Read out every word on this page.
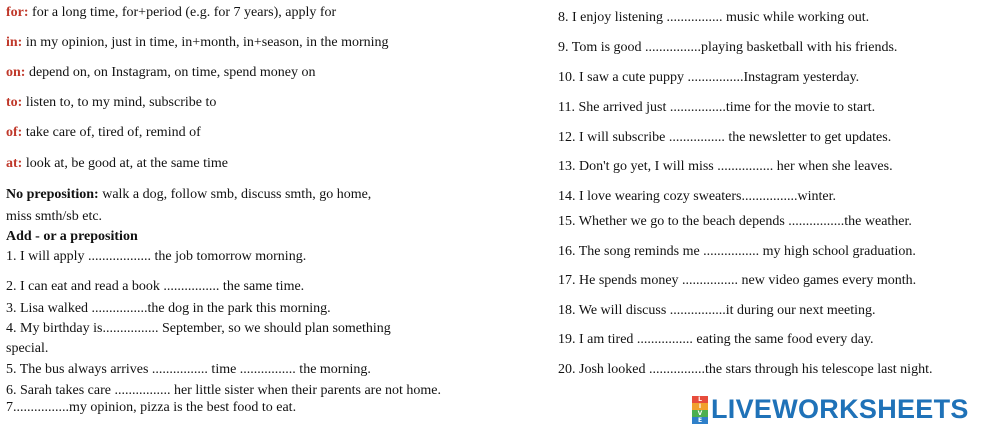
for: for a long time, for+period (e.g. for 7 years), apply for
in: in my opinion, just in time, in+month, in+season, in the morning
on: depend on, on Instagram, on time, spend money on
to: listen to, to my mind, subscribe to
of: take care of, tired of, remind of
at: look at, be good at, at the same time
No preposition: walk a dog, follow smb, discuss smth, go home,
miss smth/sb etc.
Add - or a preposition
1. I will apply .................. the job tomorrow morning.
2. I can eat and read a book ................ the same time.
3. Lisa walked ................the dog in the park this morning.
4. My birthday is................ September, so we should plan something
special.
5. The bus always arrives ................ time ................ the morning.
6. Sarah takes care ................ her little sister when their parents are not home.
7................my opinion, pizza is the best food to eat.
8. I enjoy listening ................ music while working out.
9. Tom is good ................playing basketball with his friends.
10. I saw a cute puppy ................Instagram yesterday.
11. She arrived just ................time for the movie to start.
12. I will subscribe ................ the newsletter to get updates.
13. Don't go yet, I will miss ................ her when she leaves.
14. I love wearing cozy sweaters................winter.
15. Whether we go to the beach depends ................the weather.
16. The song reminds me ................ my high school graduation.
17. He spends money ................ new video games every month.
18. We will discuss ................it during our next meeting.
19. I am tired ................ eating the same food every day.
20. Josh looked ................the stars through his telescope last night.
L
I
V
E LIVEWORKSHEETS
